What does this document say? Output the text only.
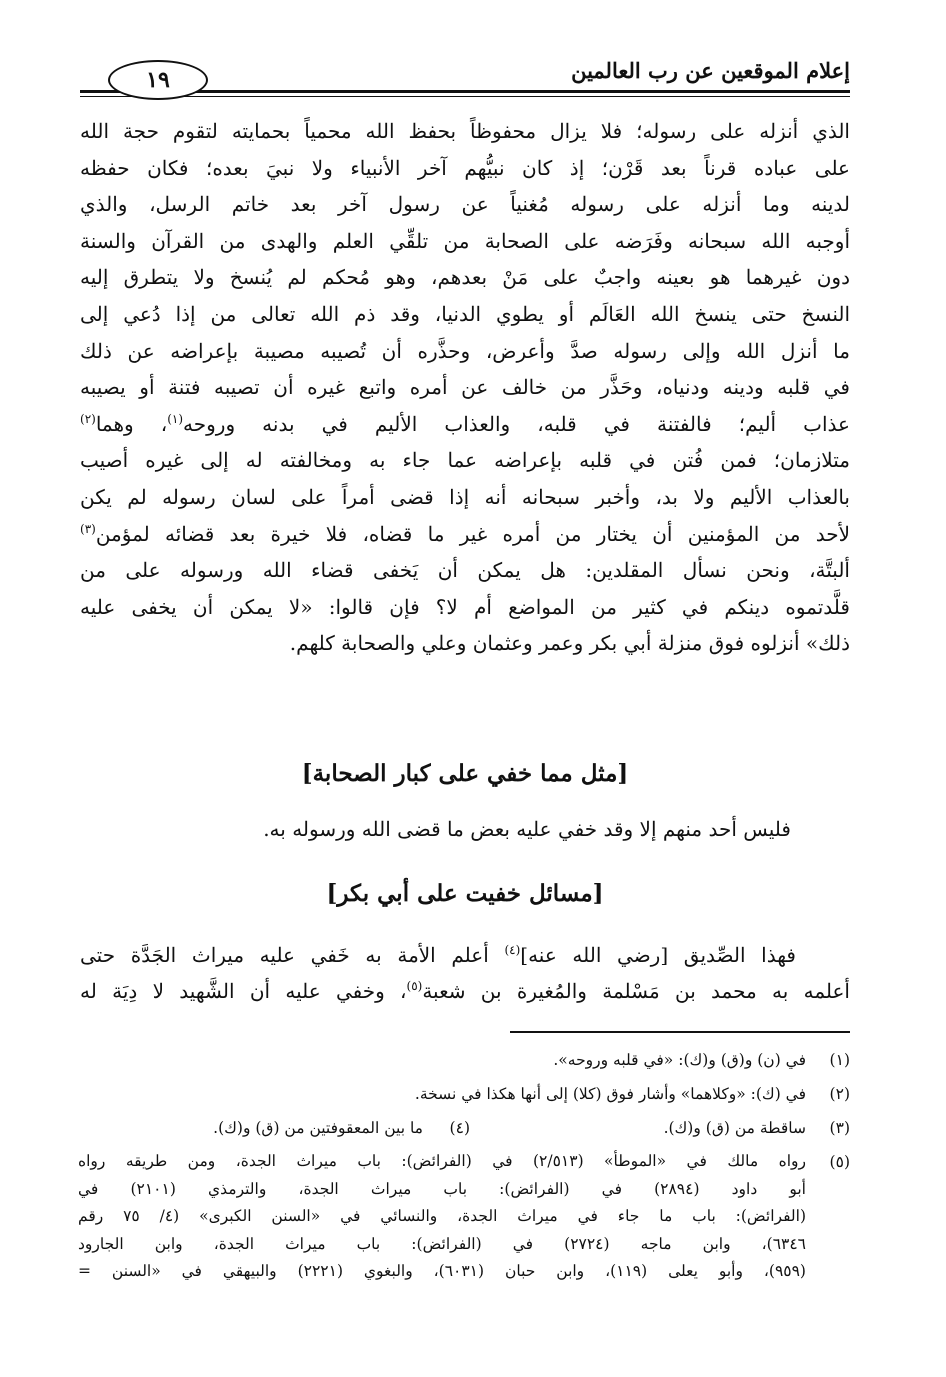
إعلام الموقعين عن رب العالمين
١٩

الذي أنزله على رسوله؛ فلا يزال محفوظاً بحفظ الله محمياً بحمايته لتقوم حجة الله

على عباده قرناً بعد قَرْن؛ إذ كان نبيُّهم آخر الأنبياء ولا نبيَ بعده؛ فكان حفظه

لدينه وما أنزله على رسوله مُغنياً عن رسول آخر بعد خاتم الرسل، والذي

أوجبه الله سبحانه وفَرَضه على الصحابة من تلقِّي العلم والهدى من القرآن والسنة

دون غيرهما هو بعينه واجبٌ على مَنْ بعدهم، وهو مُحكم لم يُنسخ ولا يتطرق إليه

النسخ حتى ينسخ الله العَالَم أو يطوي الدنيا، وقد ذم الله تعالى من إذا دُعي إلى

ما أنزل الله وإلى رسوله صدَّ وأعرض، وحذَّره أن تُصيبه مصيبة بإعراضه عن ذلك

في قلبه ودينه ودنياه، وحَذَّر من خالف عن أمره واتبع غيره أن تصيبه فتنة أو يصيبه

عذاب أليم؛ فالفتنة في قلبه، والعذاب الأليم في بدنه وروحه$^{(١)}$، وهما$^{(٢)}$

متلازمان؛ فمن فُتن في قلبه بإعراضه عما جاء به ومخالفته له إلى غيره أصيب

بالعذاب الأليم ولا بد، وأخبر سبحانه أنه إذا قضى أمراً على لسان رسوله لم يكن

لأحد من المؤمنين أن يختار من أمره غير ما قضاه، فلا خيرة بعد قضائه لمؤمن$^{(٣)}$

ألبتَّة، ونحن نسأل المقلدين: هل يمكن أن يَخفى قضاء الله ورسوله على من

قلَّدتموه دينكم في كثير من المواضع أم لا؟ فإن قالوا: «لا يمكن أن يخفى عليه

ذلك» أنزلوه فوق منزلة أبي بكر وعمر وعثمان وعلي والصحابة كلهم.

[مثل مما خفي على كبار الصحابة]
فليس أحد منهم إلا وقد خفي عليه بعض ما قضى الله ورسوله به.
[مسائل خفيت على أبي بكر]

فهذا الصِّديق [رضي الله عنه]$^{(٤)}$ أعلم الأمة به خَفي عليه ميراث الجَدَّة حتى

أعلمه به محمد بن مَسْلمة والمُغيرة بن شعبة$^{(٥)}$، وخفي عليه أن الشَّهيد لا دِيَة له

(١)
في (ن) و(ق) و(ك): «في قلبه وروحه».
(٢)
في (ك): «وكلاهما» وأشار فوق (كلا) إلى أنها هكذا في نسخة.
(٣)
ساقطة من (ق) و(ك).
(٤)
ما بين المعقوفتين من (ق) و(ك).
(٥)
رواه مالك في «الموطأ» (٢/٥١٣) في (الفرائض): باب ميراث الجدة، ومن طريقه رواه
أبو داود (٢٨٩٤) في (الفرائض): باب ميراث الجدة، والترمذي (٢١٠١) في
(الفرائض): باب ما جاء في ميراث الجدة، والنسائي في «السنن الكبرى» (٤/ ٧٥ رقم
٦٣٤٦)، وابن ماجه (٢٧٢٤) في (الفرائض): باب ميراث الجدة، وابن الجارود
(٩٥٩)، وأبو يعلى (١١٩)، وابن حبان (٦٠٣١)، والبغوي (٢٢٢١) والبيهقي في «السنن =
